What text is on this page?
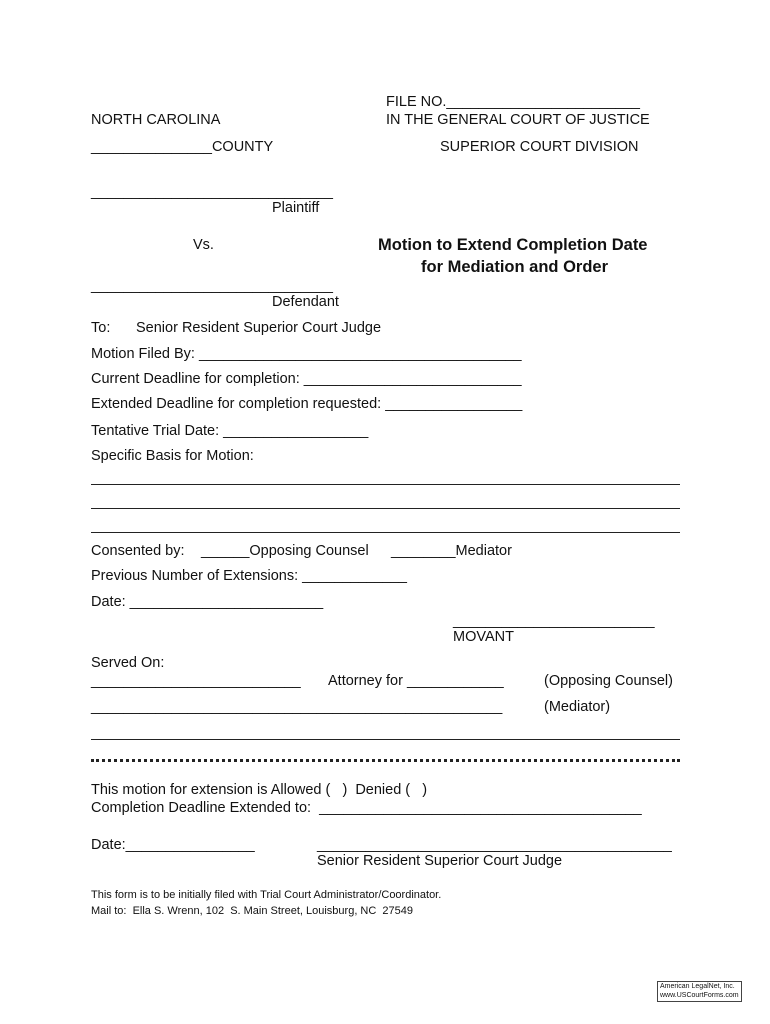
FILE NO.________________________
IN THE GENERAL COURT OF JUSTICE
NORTH CAROLINA
_______________COUNTY	SUPERIOR COURT DIVISION
______________________________
Plaintiff
Vs.	Motion to Extend Completion Date
for Mediation and Order
______________________________
Defendant
To: Senior Resident Superior Court Judge
Motion Filed By: ________________________________________
Current Deadline for completion: ___________________________
Extended Deadline for completion requested: _________________
Tentative Trial Date: __________________
Specific Basis for Motion:
Consented by: ______Opposing Counsel ________Mediator
Previous Number of Extensions: _____________
Date: ________________________
_________________________
MOVANT
Served On:
__________________________ Attorney for ____________	(Opposing Counsel)
___________________________________________________	(Mediator)
This motion for extension is Allowed (   )  Denied (   )
Completion Deadline Extended to:  ________________________________________
Date:________________	____________________________________________
Senior Resident Superior Court Judge
This form is to be initially filed with Trial Court Administrator/Coordinator.
Mail to:  Ella S. Wrenn, 102  S. Main Street, Louisburg, NC  27549
American LegalNet, Inc.
www.USCourtForms.com
